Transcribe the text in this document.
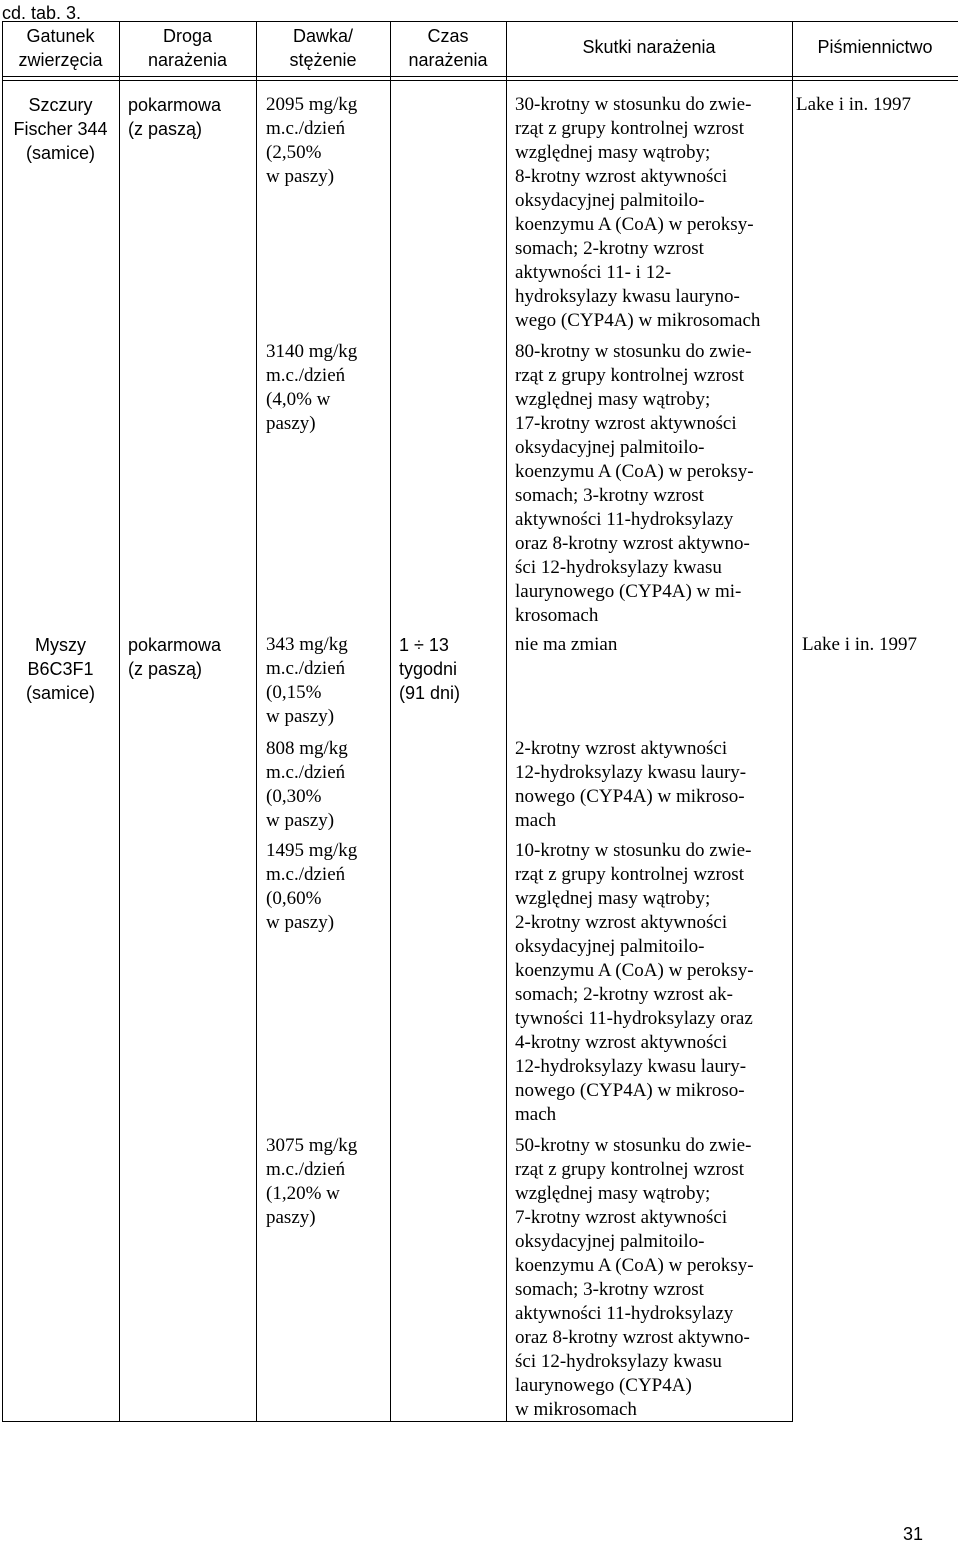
cd. tab. 3.
Gatunek
zwierzęcia
Droga
narażenia
Dawka/
stężenie
Czas
narażenia
Skutki narażenia	Piśmiennictwo
Szczury
Fischer 344
(samice)
pokarmowa
(z paszą)
Lake i in. 1997
2095 mg/kg
m.c./dzień
(2,50%
w paszy)
30-krotny w stosunku do zwie-
rząt z grupy kontrolnej wzrost
względnej masy wątroby;
8-krotny wzrost aktywności
oksydacyjnej palmitoilo-
koenzymu A (CoA) w peroksy-
somach; 2-krotny wzrost
aktywności 11- i 12-
hydroksylazy kwasu lauryno-
wego (CYP4A) w mikrosomach
3140 mg/kg
m.c./dzień
(4,0% w
paszy)
80-krotny w stosunku do zwie-
rząt z grupy kontrolnej wzrost
względnej masy wątroby;
17-krotny wzrost aktywności
oksydacyjnej palmitoilo-
koenzymu A (CoA) w peroksy-
somach; 3-krotny wzrost
aktywności 11-hydroksylazy
oraz 8-krotny wzrost aktywno-
ści 12-hydroksylazy kwasu
laurynowego (CYP4A) w mi-
krosomach
Myszy
B6C3F1
(samice)
pokarmowa
(z paszą)
1 ÷ 13
tygodni
(91 dni)
Lake i in. 1997
343 mg/kg
m.c./dzień
(0,15%
w paszy)
nie ma zmian
808 mg/kg
m.c./dzień
(0,30%
w paszy)
2-krotny wzrost aktywności
12-hydroksylazy kwasu laury-
nowego (CYP4A) w mikroso-
mach
1495 mg/kg
m.c./dzień
(0,60%
w paszy)
10-krotny w stosunku do zwie-
rząt z grupy kontrolnej wzrost
względnej masy wątroby;
2-krotny wzrost aktywności
oksydacyjnej palmitoilo-
koenzymu A (CoA) w peroksy-
somach; 2-krotny wzrost ak-
tywności 11-hydroksylazy oraz
4-krotny wzrost aktywności
12-hydroksylazy kwasu laury-
nowego (CYP4A) w mikroso-
mach
3075 mg/kg
m.c./dzień
(1,20% w
paszy)
50-krotny w stosunku do zwie-
rząt z grupy kontrolnej wzrost
względnej masy wątroby;
7-krotny wzrost aktywności
oksydacyjnej palmitoilo-
koenzymu A (CoA) w peroksy-
somach; 3-krotny wzrost
aktywności 11-hydroksylazy
oraz 8-krotny wzrost aktywno-
ści 12-hydroksylazy kwasu
laurynowego (CYP4A)
w mikrosomach
31
